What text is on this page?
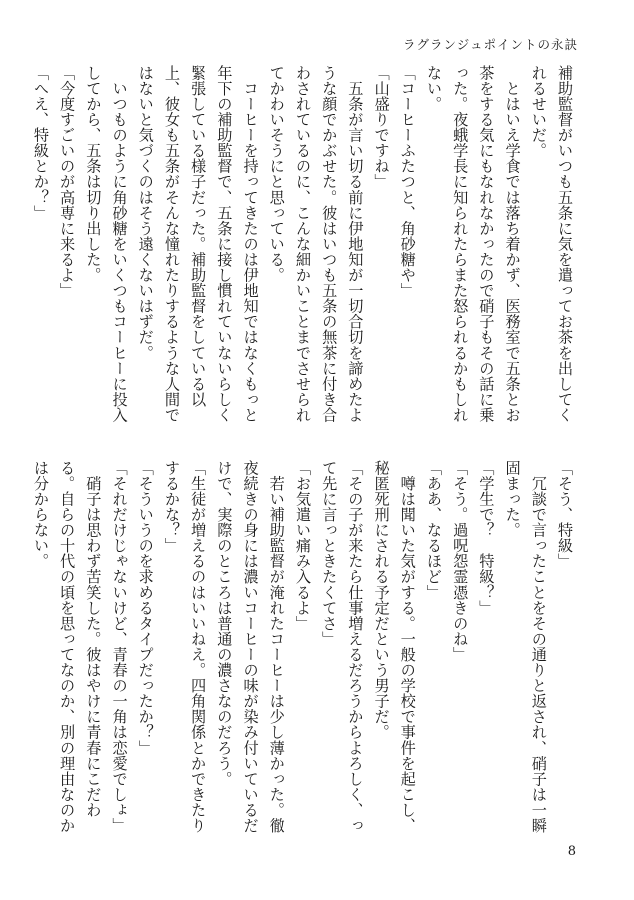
ラグランジュポイントの永訣

補助監督がいつも五条に気を遣ってお茶を出してくれるせいだ。

　とはいえ学食では落ち着かず、医務室で五条とお茶をする気にもなれなかったので硝子もその話に乗った。夜蛾学長に知られたらまた怒られるかもしれない。

「コーヒーふたつと、角砂糖や」

「山盛りですね」

　五条が言い切る前に伊地知が一切合切を諦めたような顔でかぶせた。彼はいつも五条の無茶に付き合わされているのに、こんな細かいことまでさせられてかわいそうにと思っている。

　コーヒーを持ってきたのは伊地知ではなくもっと年下の補助監督で、五条に接し慣れていないらしく緊張している様子だった。補助監督をしている以上、彼女も五条がそんな憧れたりするような人間ではないと気づくのはそう遠くないはずだ。

　いつものように角砂糖をいくつもコーヒーに投入してから、五条は切り出した。

「今度すごいのが高専に来るよ」

「へえ、特級とか？」

「そう、特級」

　冗談で言ったことをその通りと返され、硝子は一瞬固まった。

「学生で？　特級？」

「そう。過呪怨霊憑きのね」

「ああ、なるほど」

　噂は聞いた気がする。一般の学校で事件を起こし、秘匿死刑にされる予定だという男子だ。

「その子が来たら仕事増えるだろうからよろしく、って先に言っときたくてさ」

「お気遣い痛み入るよ」

　若い補助監督が淹れたコーヒーは少し薄かった。徹夜続きの身には濃いコーヒーの味が染み付いているだけで、実際のところは普通の濃さなのだろう。

「生徒が増えるのはいいねえ。四角関係とかできたりするかな？」

「そういうのを求めるタイプだったか？」

「それだけじゃないけど、青春の一角は恋愛でしょ」

　硝子は思わず苦笑した。彼はやけに青春にこだわる。自らの十代の頃を思ってなのか、別の理由なのかは分からない。

8
